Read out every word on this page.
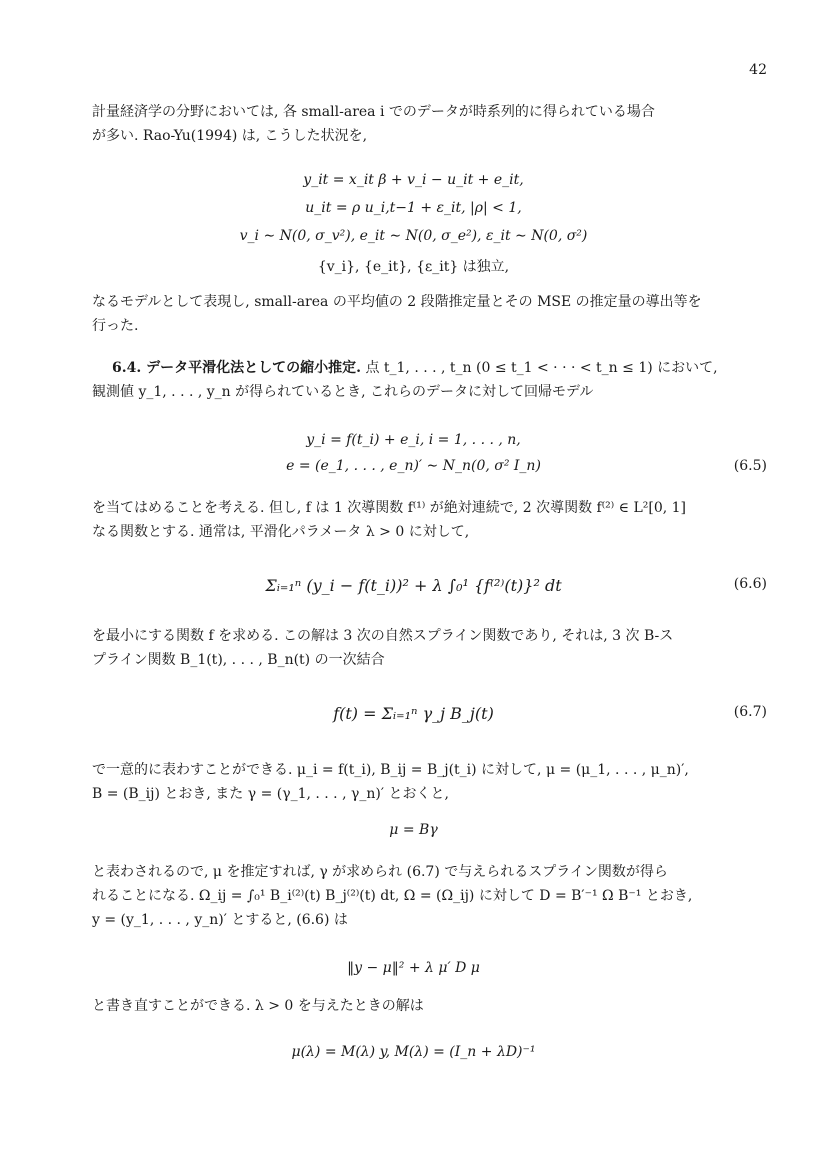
42
計量経済学の分野においては, 各 small-area i でのデータが時系列的に得られている場合
が多い. Rao-Yu(1994) は, こうした状況を,
y_it = x_it β + v_i − u_it + e_it,
u_it = ρ u_i,t−1 + ε_it, |ρ| < 1,
v_i ∼ N(0, σ_v²), e_it ∼ N(0, σ_e²), ε_it ∼ N(0, σ²)
{v_i}, {e_it}, {ε_it} は独立,
なるモデルとして表現し, small-area の平均値の 2 段階推定量とその MSE の推定量の導出等を
行った.
6.4. データ平滑化法としての縮小推定. 点 t_1, . . . , t_n (0 ≤ t_1 < · · · < t_n ≤ 1) において,
観測値 y_1, . . . , y_n が得られているとき, これらのデータに対して回帰モデル
y_i = f(t_i) + e_i, i = 1, . . . , n,
e = (e_1, . . . , e_n)′ ∼ N_n(0, σ² I_n)	(6.5)
を当てはめることを考える. 但し, f は 1 次導関数 f⁽¹⁾ が絶対連続で, 2 次導関数 f⁽²⁾ ∈ L²[0, 1]
なる関数とする. 通常は, 平滑化パラメータ λ > 0 に対して,
Σᵢ₌₁ⁿ (y_i − f(t_i))² + λ ∫₀¹ {f⁽²⁾(t)}² dt	(6.6)
を最小にする関数 f を求める. この解は 3 次の自然スプライン関数であり, それは, 3 次 B-ス
プライン関数 B_1(t), . . . , B_n(t) の一次結合
f(t) = Σᵢ₌₁ⁿ γ_j B_j(t)	(6.7)
で一意的に表わすことができる. μ_i = f(t_i), B_ij = B_j(t_i) に対して, μ = (μ_1, . . . , μ_n)′,
B = (B_ij) とおき, また γ = (γ_1, . . . , γ_n)′ とおくと,
μ = Bγ
と表わされるので, μ を推定すれば, γ が求められ (6.7) で与えられるスプライン関数が得ら
れることになる. Ω_ij = ∫₀¹ B_i⁽²⁾(t) B_j⁽²⁾(t) dt, Ω = (Ω_ij) に対して D = B′⁻¹ Ω B⁻¹ とおき,
y = (y_1, . . . , y_n)′ とすると, (6.6) は
‖y − μ‖² + λ μ′ D μ
と書き直すことができる. λ > 0 を与えたときの解は
μ(λ) = M(λ) y, M(λ) = (I_n + λD)⁻¹
